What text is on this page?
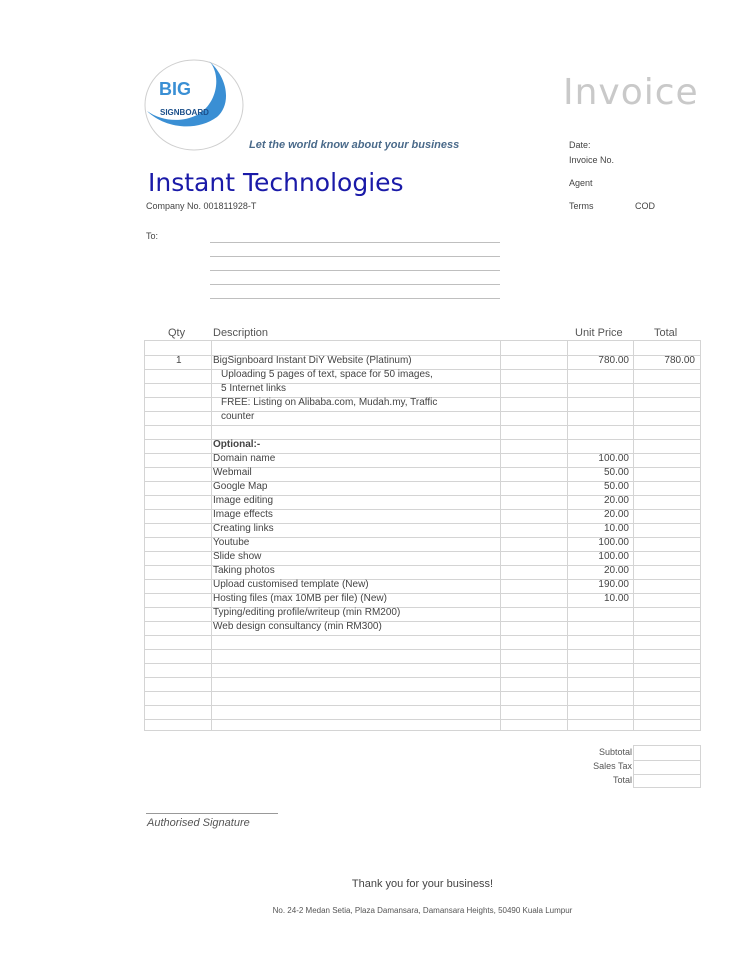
BIG
SIGNBOARD
Let the world know about your business
Invoice
Instant Technologies
Company No. 001811928-T
Date:
Invoice No.
Agent
Terms	COD
To:
Qty	Description	Unit Price	Total
1	BigSignboard Instant DiY Website (Platinum)	780.00	780.00
Uploading 5 pages of text, space for 50 images,
5 Internet links
FREE: Listing on Alibaba.com, Mudah.my, Traffic
counter
Optional:-
Domain name	100.00
Webmail	50.00
Google Map	50.00
Image editing	20.00
Image effects	20.00
Creating links	10.00
Youtube	100.00
Slide show	100.00
Taking photos	20.00
Upload customised template (New)	190.00
Hosting files (max 10MB per file) (New)	10.00
Typing/editing profile/writeup (min RM200)
Web design consultancy (min RM300)
Subtotal
Sales Tax
Total
Authorised Signature
Thank you for your business!
No. 24-2 Medan Setia, Plaza Damansara, Damansara Heights, 50490 Kuala Lumpur
